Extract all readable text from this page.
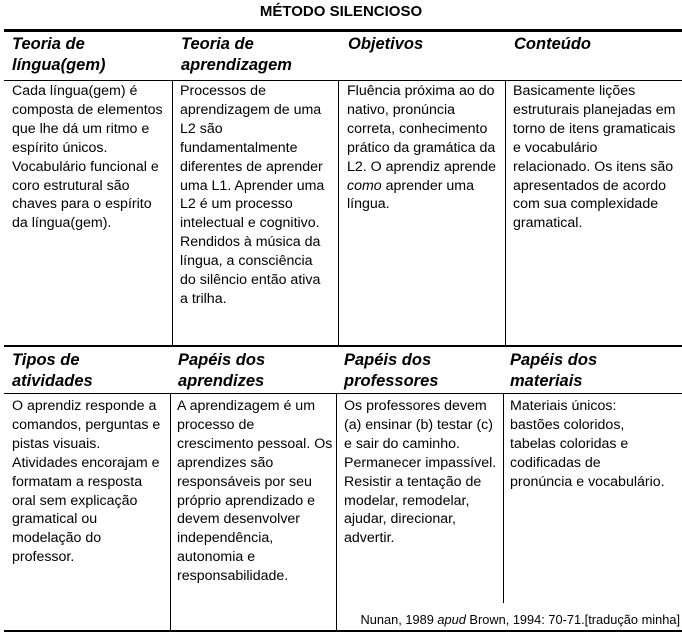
MÉTODO SILENCIOSO
Teoria de língua(gem)
Teoria de aprendizagem
Objetivos	Conteúdo
Cada língua(gem) é composta de elementos que lhe dá um ritmo e espírito únicos. Vocabulário funcional e coro estrutural são chaves para o espírito da língua(gem).
Processos de aprendizagem de uma L2 são fundamentalmente diferentes de aprender uma L1. Aprender uma L2 é um processo intelectual e cognitivo. Rendidos à música da língua, a consciência do silêncio então ativa a trilha.
Fluência próxima ao do nativo, pronúncia correta, conhecimento prático da gramática da L2. O aprendiz aprende como aprender uma língua.
Basicamente lições estruturais planejadas em torno de itens gramaticais e vocabulário relacionado. Os itens são apresentados de acordo com sua complexidade gramatical.
Tipos de atividades
Papéis dos aprendizes
Papéis dos professores
Papéis dos materiais
O aprendiz responde a comandos, perguntas e pistas visuais. Atividades encorajam e formatam a resposta oral sem explicação gramatical ou modelação do professor.
A aprendizagem é um processo de crescimento pessoal. Os aprendizes são responsáveis por seu próprio aprendizado e devem desenvolver independência, autonomia e responsabilidade.
Os professores devem (a) ensinar (b) testar (c) e sair do caminho. Permanecer impassível. Resistir a tentação de modelar, remodelar, ajudar, direcionar, advertir.
Materiais únicos: bastões coloridos, tabelas coloridas e codificadas de pronúncia e vocabulário.
Nunan, 1989 apud Brown, 1994: 70-71.[tradução minha]
